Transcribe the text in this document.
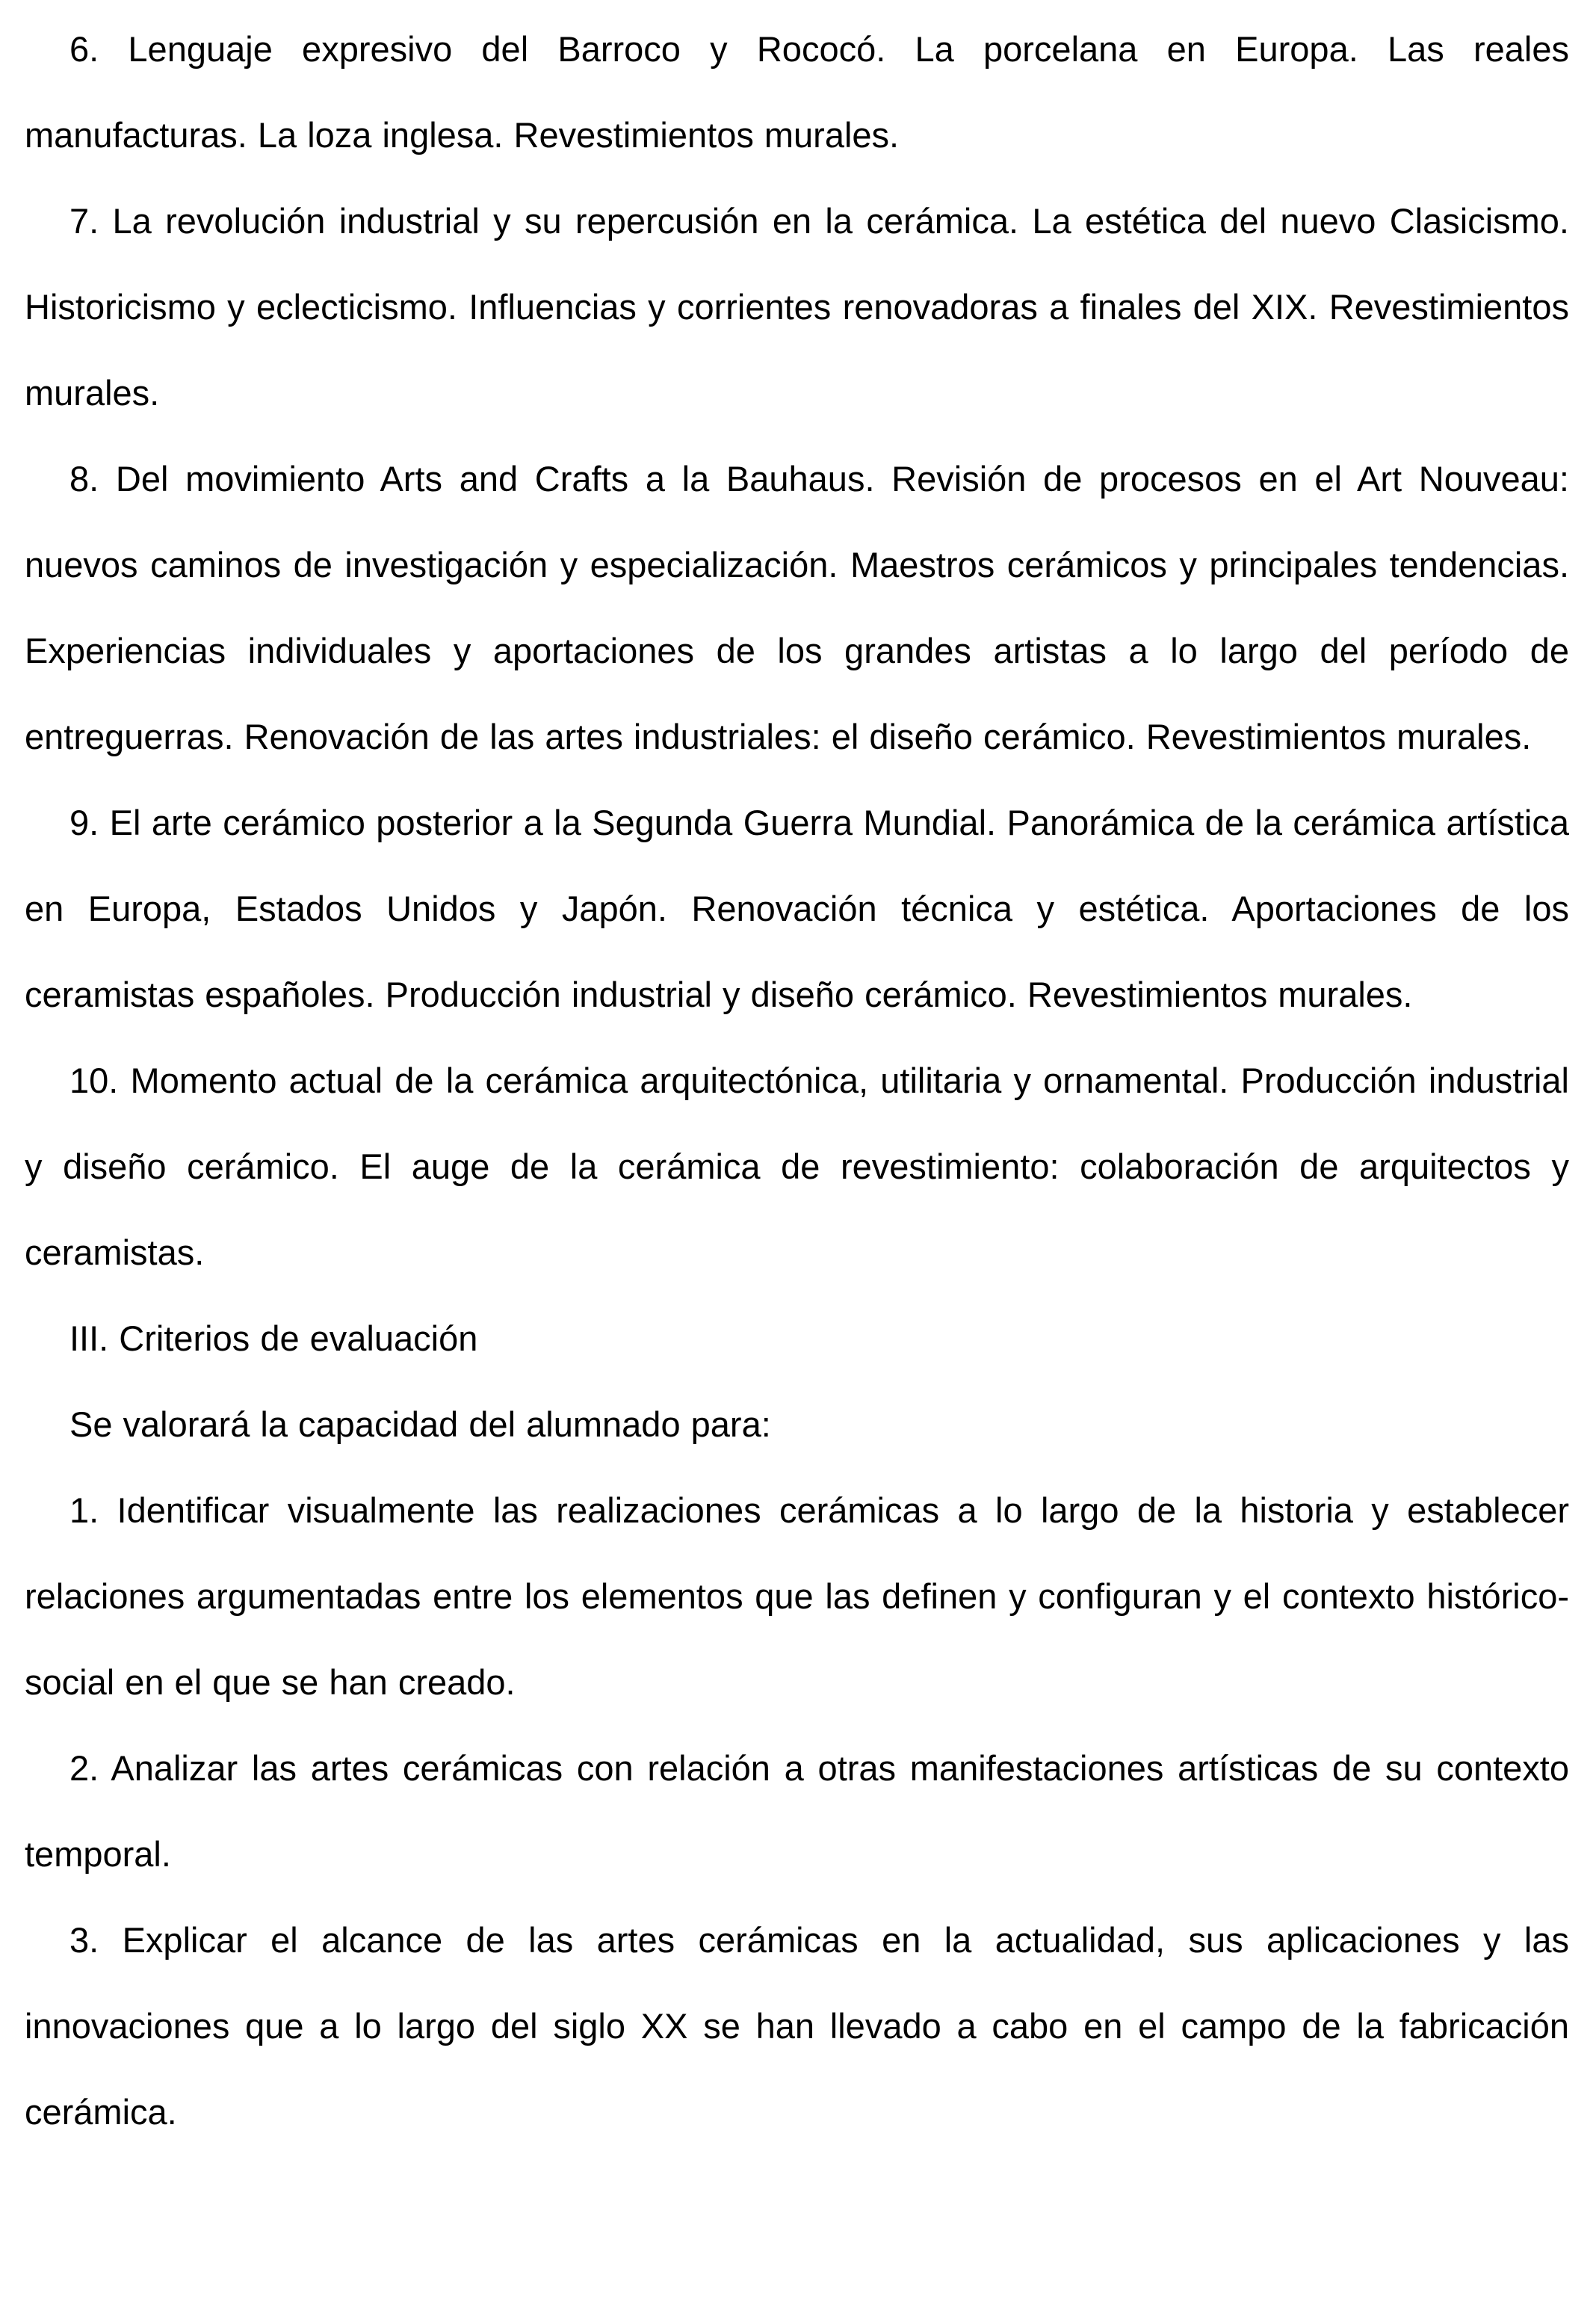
6. Lenguaje expresivo del Barroco y Rococó. La porcelana en Europa. Las reales manufacturas. La loza inglesa. Revestimientos murales.

7. La revolución industrial y su repercusión en la cerámica. La estética del nuevo Clasicismo. Historicismo y eclecticismo. Influencias y corrientes renovadoras a finales del XIX. Revestimientos murales.

8. Del movimiento Arts and Crafts a la Bauhaus. Revisión de procesos en el Art Nouveau: nuevos caminos de investigación y especialización. Maestros cerámicos y principales tendencias. Experiencias individuales y aportaciones de los grandes artistas a lo largo del período de entreguerras. Renovación de las artes industriales: el diseño cerámico. Revestimientos murales.

9. El arte cerámico posterior a la Segunda Guerra Mundial. Panorámica de la cerámica artística en Europa, Estados Unidos y Japón. Renovación técnica y estética. Aportaciones de los ceramistas españoles. Producción industrial y diseño cerámico. Revestimientos murales.

10. Momento actual de la cerámica arquitectónica, utilitaria y ornamental. Producción industrial y diseño cerámico. El auge de la cerámica de revestimiento: colaboración de arquitectos y ceramistas.

III. Criterios de evaluación

Se valorará la capacidad del alumnado para:

1. Identificar visualmente las realizaciones cerámicas a lo largo de la historia y establecer relaciones argumentadas entre los elementos que las definen y configuran y el contexto histórico-social en el que se han creado.

2. Analizar las artes cerámicas con relación a otras manifestaciones artísticas de su contexto temporal.

3. Explicar el alcance de las artes cerámicas en la actualidad, sus aplicaciones y las innovaciones que a lo largo del siglo XX se han llevado a cabo en el campo de la fabricación cerámica.
